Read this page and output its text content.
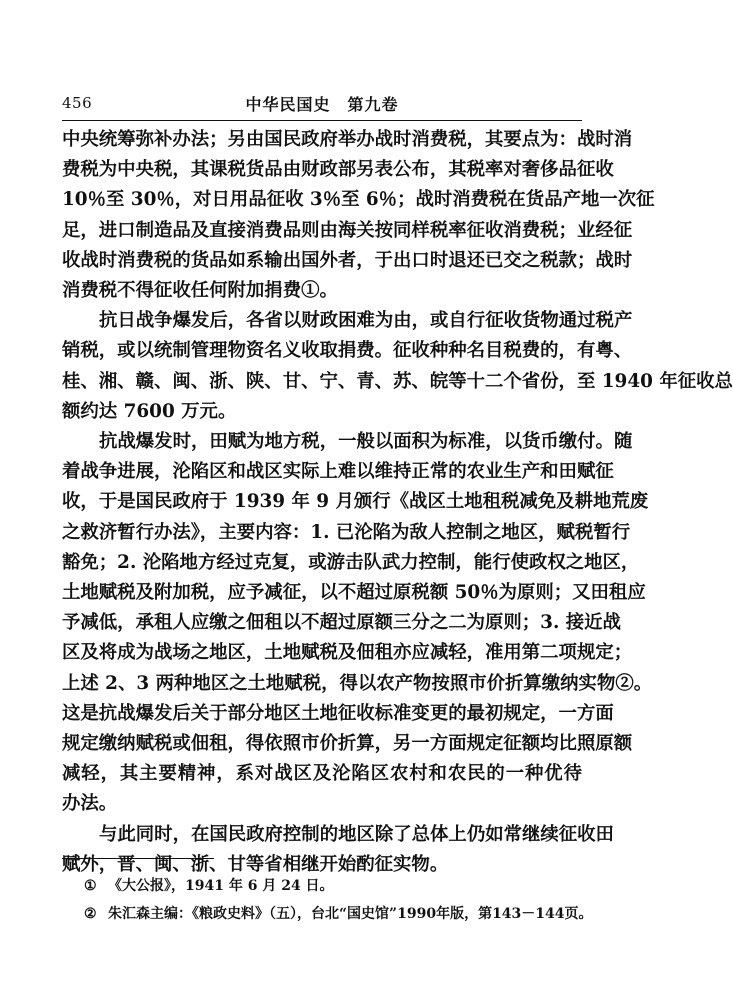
456	中华民国史　第九卷

中央统筹弥补办法；另由国民政府举办战时消费税，其要点为：战时消
费税为中央税，其课税货品由财政部另表公布，其税率对奢侈品征收
10％至 30％，对日用品征收 3％至 6％；战时消费税在货品产地一次征
足，进口制造品及直接消费品则由海关按同样税率征收消费税；业经征
收战时消费税的货品如系输出国外者，于出口时退还已交之税款；战时
消费税不得征收任何附加捐费①。

抗日战争爆发后，各省以财政困难为由，或自行征收货物通过税产
销税，或以统制管理物资名义收取捐费。征收种种名目税费的，有粤、
桂、湘、赣、闽、浙、陕、甘、宁、青、苏、皖等十二个省份，至 1940 年征收总
额约达 7600 万元。

抗战爆发时，田赋为地方税，一般以面积为标准，以货币缴付。随
着战争进展，沦陷区和战区实际上难以维持正常的农业生产和田赋征
收，于是国民政府于 1939 年 9 月颁行《战区土地租税减免及耕地荒废
之救济暂行办法》，主要内容：1. 已沦陷为敌人控制之地区，赋税暂行
豁免；2. 沦陷地方经过克复，或游击队武力控制，能行使政权之地区，
土地赋税及附加税，应予减征，以不超过原税额 50％为原则；又田租应
予减低，承租人应缴之佃租以不超过原额三分之二为原则；3. 接近战
区及将成为战场之地区，土地赋税及佃租亦应减轻，准用第二项规定；
上述 2、3 两种地区之土地赋税，得以农产物按照市价折算缴纳实物②。
这是抗战爆发后关于部分地区土地征收标准变更的最初规定，一方面
规定缴纳赋税或佃租，得依照市价折算，另一方面规定征额均比照原额
减轻，其主要精神，系对战区及沦陷区农村和农民的一种优待
办法。

与此同时，在国民政府控制的地区除了总体上仍如常继续征收田
赋外，晋、闽、浙、甘等省相继开始酌征实物。

① 《大公报》，1941 年 6 月 24 日。
② 朱汇森主编：《粮政史料》（五），台北“国史馆”1990年版，第143－144页。
